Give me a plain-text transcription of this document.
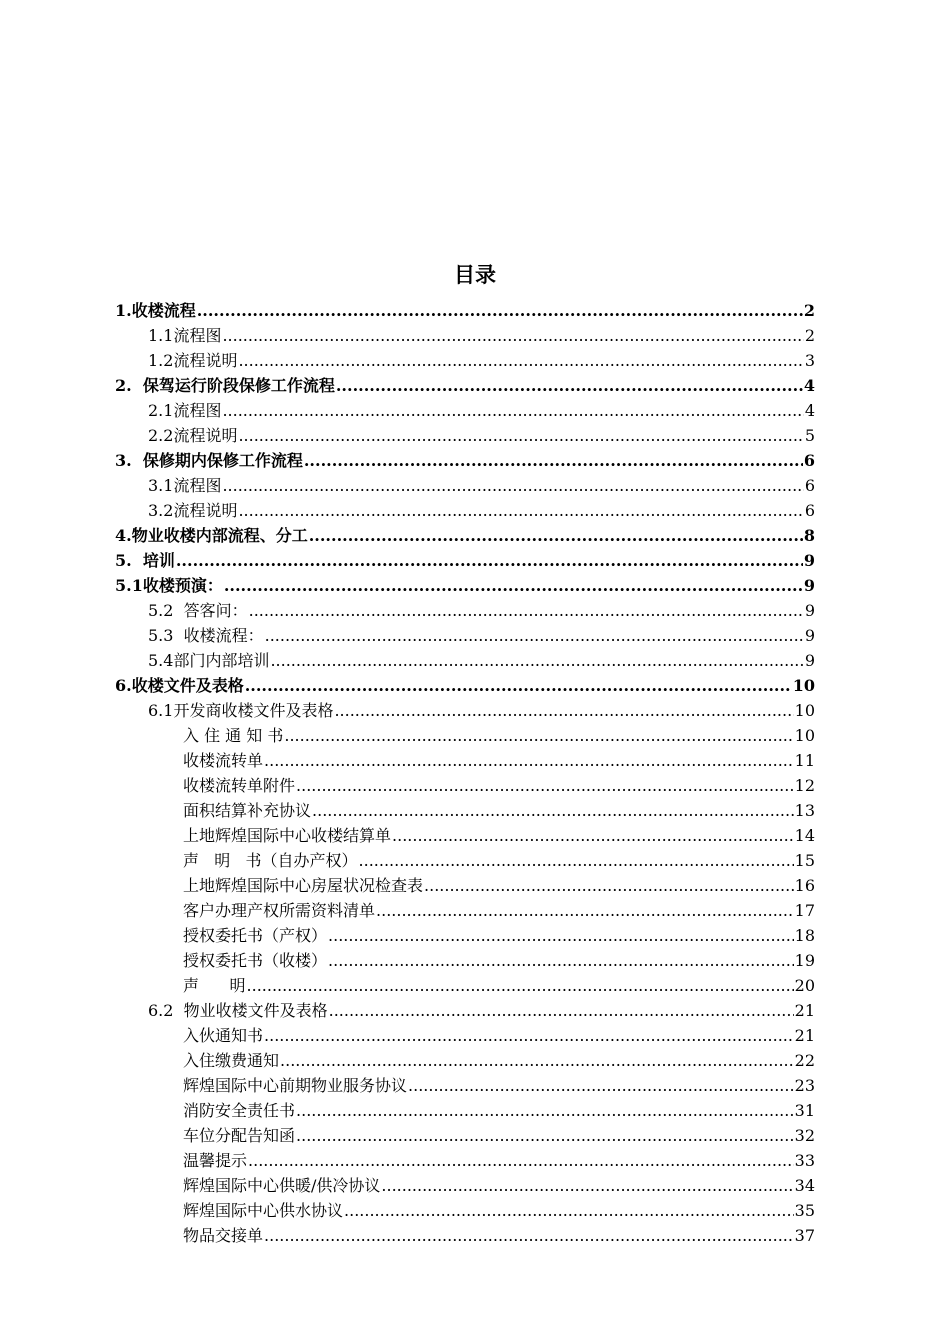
目录
1.收楼流程 .....	2
1.1流程图 .....	2
1.2流程说明 .....	3
2.  保驾运行阶段保修工作流程 .....	4
2.1流程图 .....	4
2.2流程说明 .....	5
3.  保修期内保修工作流程 .....	6
3.1流程图 .....	6
3.2流程说明 .....	6
4.物业收楼内部流程、分工 .....	8
5.  培训 .....	9
5.1收楼预演： .....	9
5.2  答客问： .....	9
5.3  收楼流程： .....	9
5.4部门内部培训 .....	9
6.收楼文件及表格 .....	10
6.1开发商收楼文件及表格 .....	10
入 住 通 知 书 .....	10
收楼流转单 .....	11
收楼流转单附件 .....	12
面积结算补充协议 .....	13
上地辉煌国际中心收楼结算单 .....	14
声   明   书（自办产权） .....	15
上地辉煌国际中心房屋状况检查表 .....	16
客户办理产权所需资料清单 .....	17
授权委托书（产权） .....	18
授权委托书（收楼） .....	19
声      明 .....	20
6.2  物业收楼文件及表格 .....	21
入伙通知书 .....	21
入住缴费通知 .....	22
辉煌国际中心前期物业服务协议 .....	23
消防安全责任书 .....	31
车位分配告知函 .....	32
温馨提示 .....	33
辉煌国际中心供暖/供冷协议 .....	34
辉煌国际中心供水协议 .....	35
物品交接单 .....	37
